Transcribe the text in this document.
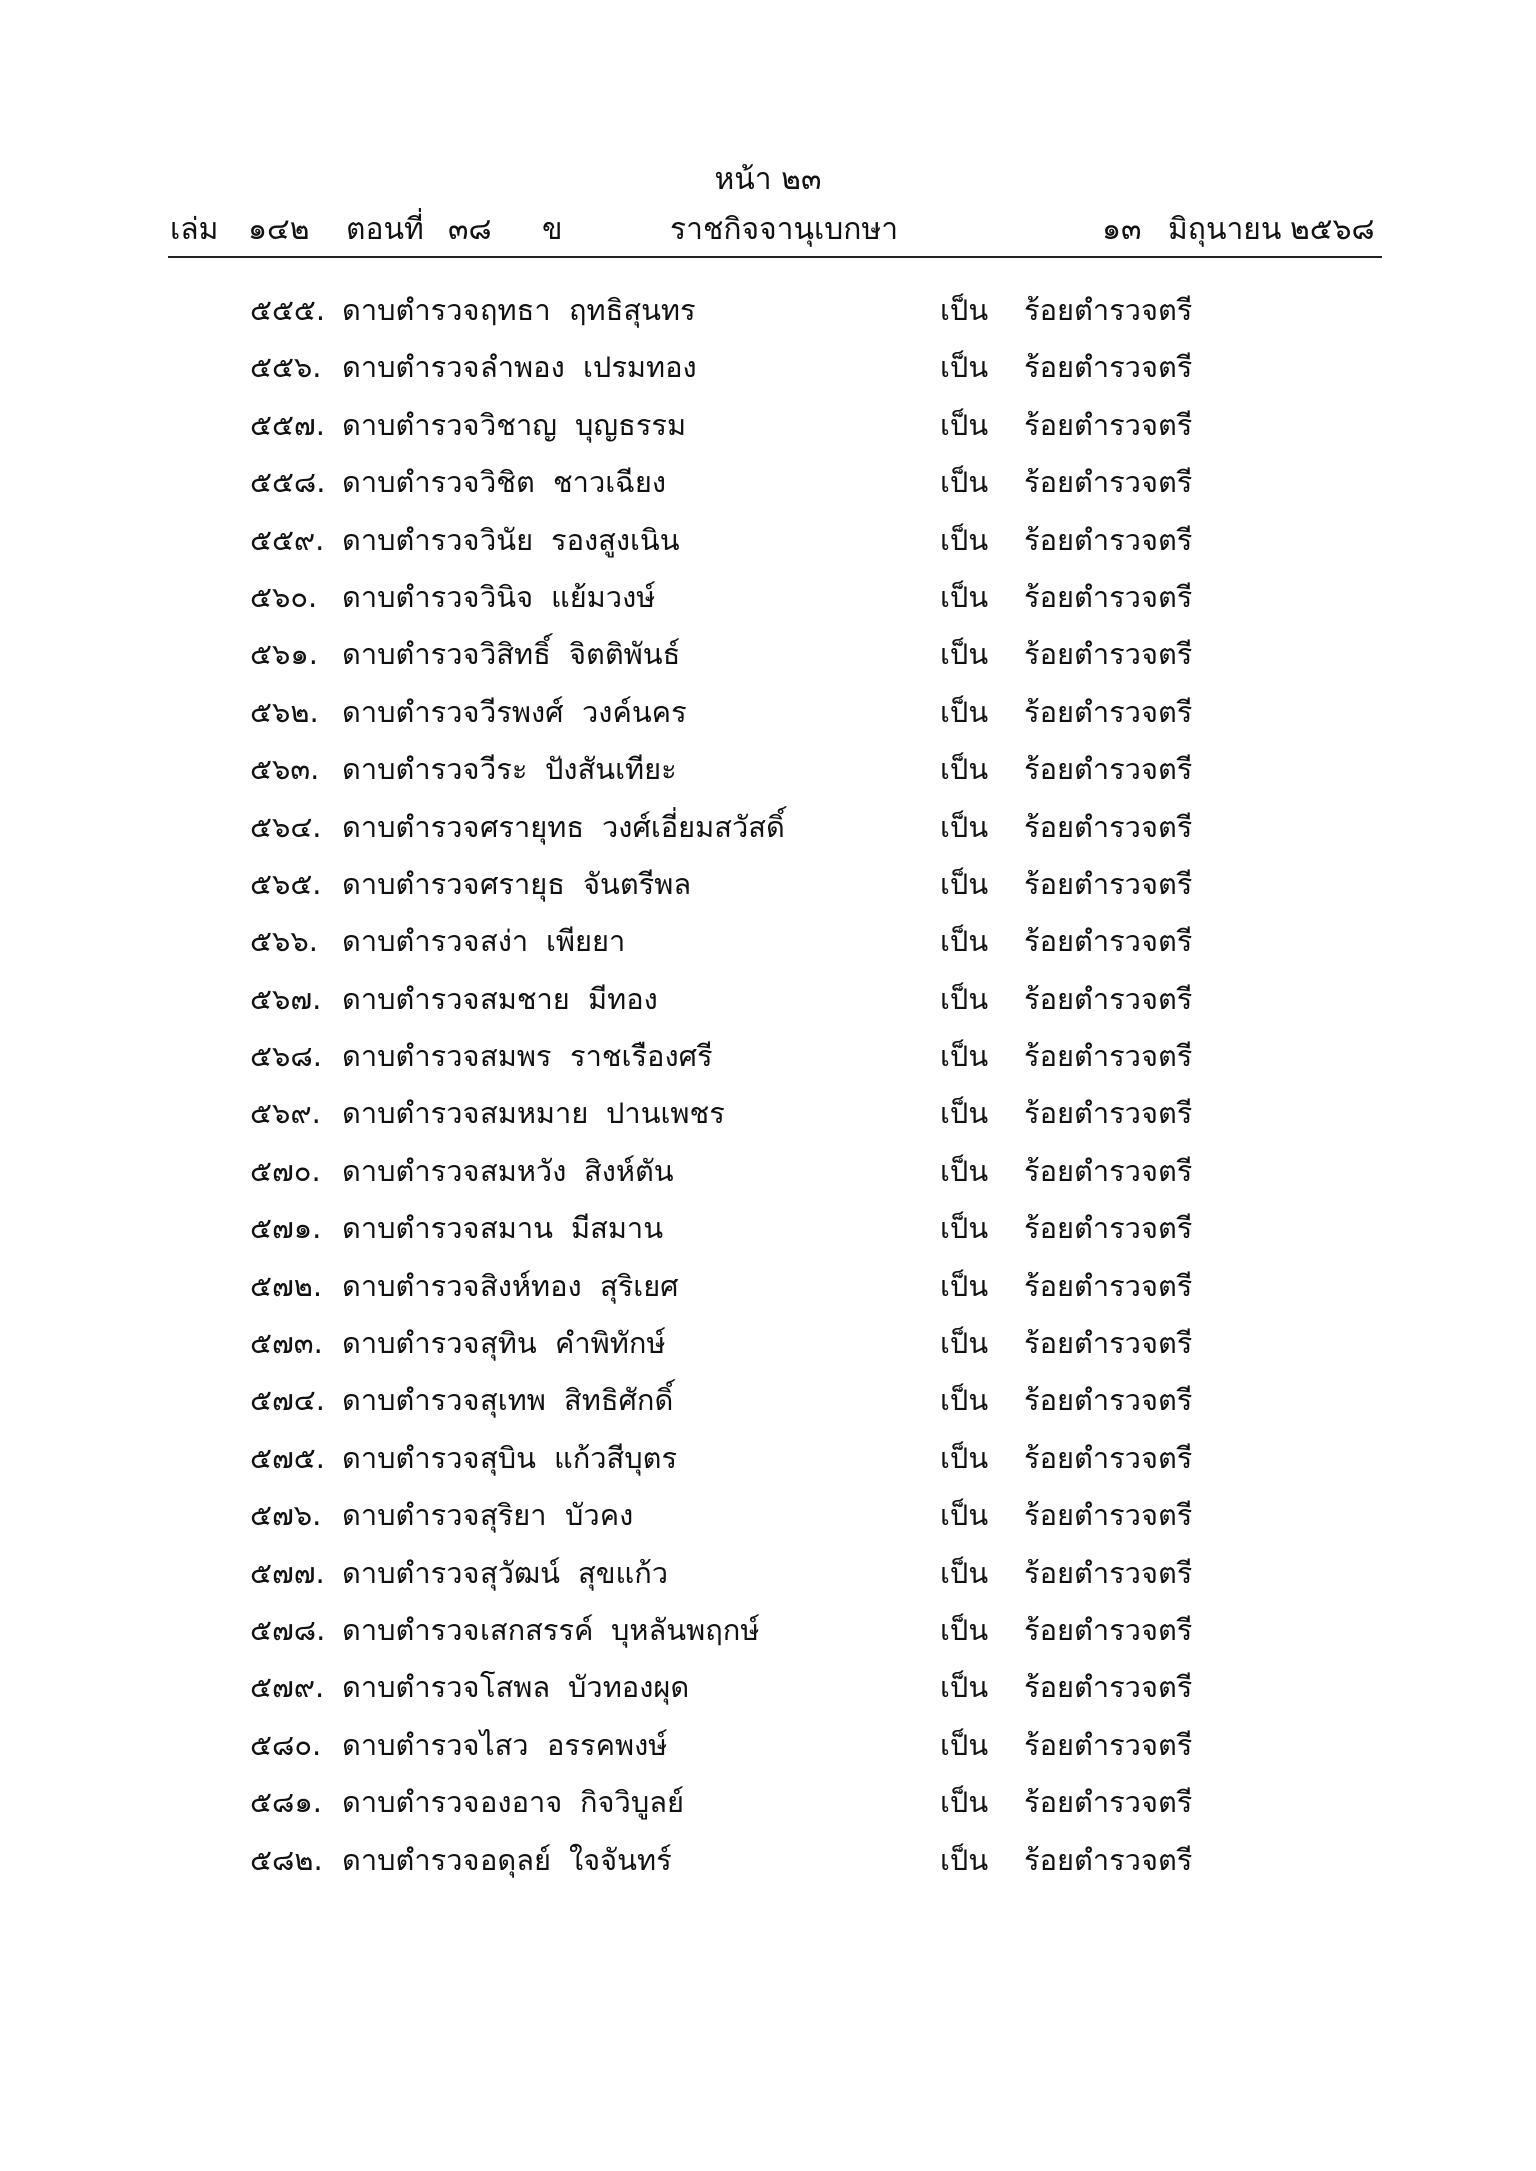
หน้า ๒๓
เล่ม ๑๔๒ ตอนที่ ๓๘ ข	ราชกิจจานุเบกษา	๑๓ มิถุนายน ๒๕๖๘
๕๕๕. ดาบตำรวจ ฤทธา ฤทธิสุนทร	เป็น ร้อยตำรวจตรี
๕๕๖. ดาบตำรวจ ลำพอง เปรมทอง	เป็น ร้อยตำรวจตรี
๕๕๗. ดาบตำรวจ วิชาญ บุญธรรม	เป็น ร้อยตำรวจตรี
๕๕๘. ดาบตำรวจ วิชิต ชาวเฉียง	เป็น ร้อยตำรวจตรี
๕๕๙. ดาบตำรวจ วินัย รองสูงเนิน	เป็น ร้อยตำรวจตรี
๕๖๐. ดาบตำรวจ วินิจ แย้มวงษ์	เป็น ร้อยตำรวจตรี
๕๖๑. ดาบตำรวจ วิสิทธิ์ จิตติพันธ์	เป็น ร้อยตำรวจตรี
๕๖๒. ดาบตำรวจ วีรพงศ์ วงค์นคร	เป็น ร้อยตำรวจตรี
๕๖๓. ดาบตำรวจ วีระ ปังสันเทียะ	เป็น ร้อยตำรวจตรี
๕๖๔. ดาบตำรวจ ศรายุทธ วงศ์เอี่ยมสวัสดิ์	เป็น ร้อยตำรวจตรี
๕๖๕. ดาบตำรวจ ศรายุธ จันตรีพล	เป็น ร้อยตำรวจตรี
๕๖๖. ดาบตำรวจ สง่า เพียยา	เป็น ร้อยตำรวจตรี
๕๖๗. ดาบตำรวจ สมชาย มีทอง	เป็น ร้อยตำรวจตรี
๕๖๘. ดาบตำรวจ สมพร ราชเรืองศรี	เป็น ร้อยตำรวจตรี
๕๖๙. ดาบตำรวจ สมหมาย ปานเพชร	เป็น ร้อยตำรวจตรี
๕๗๐. ดาบตำรวจ สมหวัง สิงห์ตัน	เป็น ร้อยตำรวจตรี
๕๗๑. ดาบตำรวจ สมาน มีสมาน	เป็น ร้อยตำรวจตรี
๕๗๒. ดาบตำรวจ สิงห์ทอง สุริเยศ	เป็น ร้อยตำรวจตรี
๕๗๓. ดาบตำรวจ สุทิน คำพิทักษ์	เป็น ร้อยตำรวจตรี
๕๗๔. ดาบตำรวจ สุเทพ สิทธิศักดิ์	เป็น ร้อยตำรวจตรี
๕๗๕. ดาบตำรวจ สุบิน แก้วสีบุตร	เป็น ร้อยตำรวจตรี
๕๗๖. ดาบตำรวจ สุริยา บัวคง	เป็น ร้อยตำรวจตรี
๕๗๗. ดาบตำรวจ สุวัฒน์ สุขแก้ว	เป็น ร้อยตำรวจตรี
๕๗๘. ดาบตำรวจ เสกสรรค์ บุหลันพฤกษ์	เป็น ร้อยตำรวจตรี
๕๗๙. ดาบตำรวจ โสพล บัวทองผุด	เป็น ร้อยตำรวจตรี
๕๘๐. ดาบตำรวจ ไสว อรรคพงษ์	เป็น ร้อยตำรวจตรี
๕๘๑. ดาบตำรวจ องอาจ กิจวิบูลย์	เป็น ร้อยตำรวจตรี
๕๘๒. ดาบตำรวจ อดุลย์ ใจจันทร์	เป็น ร้อยตำรวจตรี
